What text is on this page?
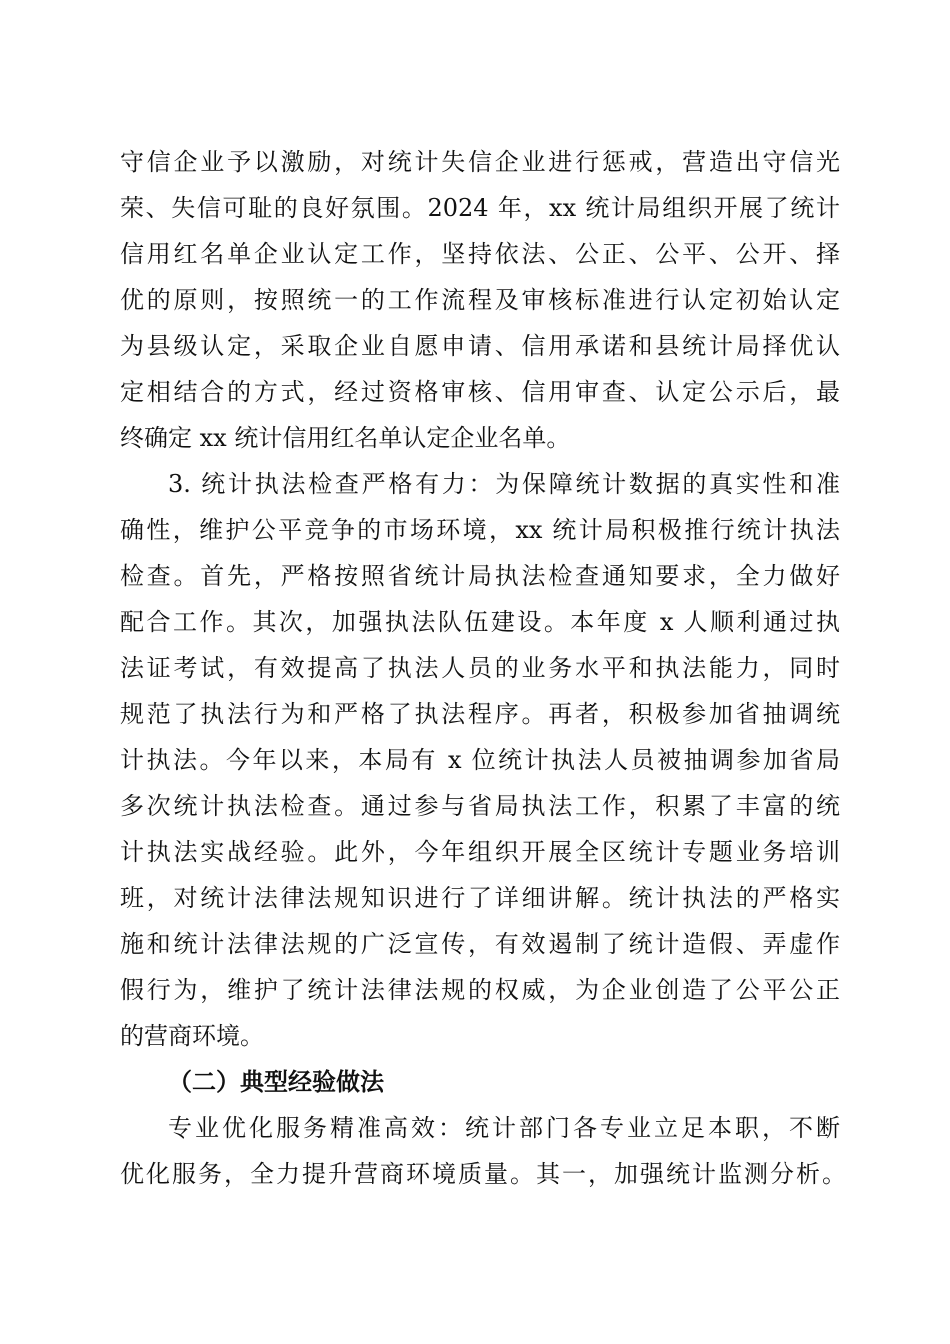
守信企业予以激励，对统计失信企业进行惩戒，营造出守信光
荣、失信可耻的良好氛围。2024 年，xx 统计局组织开展了统计
信用红名单企业认定工作，坚持依法、公正、公平、公开、择
优的原则，按照统一的工作流程及审核标准进行认定初始认定
为县级认定，采取企业自愿申请、信用承诺和县统计局择优认
定相结合的方式，经过资格审核、信用审查、认定公示后，最
终确定 xx 统计信用红名单认定企业名单。
3. 统计执法检查严格有力：为保障统计数据的真实性和准
确性，维护公平竞争的市场环境，xx 统计局积极推行统计执法
检查。首先，严格按照省统计局执法检查通知要求，全力做好
配合工作。其次，加强执法队伍建设。本年度 x 人顺利通过执
法证考试，有效提高了执法人员的业务水平和执法能力，同时
规范了执法行为和严格了执法程序。再者，积极参加省抽调统
计执法。今年以来，本局有 x 位统计执法人员被抽调参加省局
多次统计执法检查。通过参与省局执法工作，积累了丰富的统
计执法实战经验。此外，今年组织开展全区统计专题业务培训
班，对统计法律法规知识进行了详细讲解。统计执法的严格实
施和统计法律法规的广泛宣传，有效遏制了统计造假、弄虚作
假行为，维护了统计法律法规的权威，为企业创造了公平公正
的营商环境。
（二）典型经验做法
专业优化服务精准高效：统计部门各专业立足本职，不断
优化服务，全力提升营商环境质量。其一，加强统计监测分析。
